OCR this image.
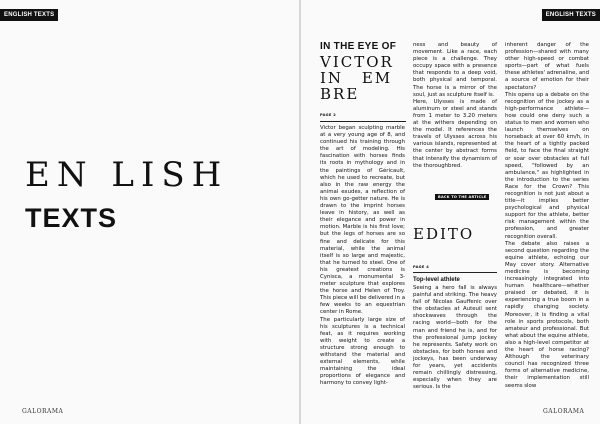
ENGLISH TEXTS
EN LISH
TEXTS
GALORAMA
ENGLISH TEXTS
IN THE EYE OF
VICTOR
IN EM
BRE
PAGE 2

Victor began sculpting marble at a very young age of 8, and continued his training through the art of modeling. His fascination with horses finds its roots in mythology and in the paintings of Géricault, which he used to recreate, but also in the raw energy the animal exudes, a reflection of his own go-getter nature. He is drawn to the imprint horses leave in history, as well as their elegance and power in motion. Marble is his first love; but the legs of horses are so fine and delicate for this material, while the animal itself is so large and majestic, that he turned to steel. One of his greatest creations is Cynisca, a monumental 3-meter sculpture that explores the horse and Helen of Troy. This piece will be delivered in a few weeks to an equestrian center in Rome.

The particularly large size of his sculptures is a technical feat, as it requires working with weight to create a structure strong enough to withstand the material and external elements, while maintaining the ideal proportions of elegance and harmony to convey light-

ness and beauty of movement. Like a race, each piece is a challenge. They occupy space with a presence that responds to a deep void, both physical and temporal. The horse is a mirror of the soul, just as sculpture itself is.

Here, Ulysses is made of aluminum or steel and stands from 1 meter to 3.20 meters at the withers depending on the model. It references the travels of Ulysses across his various islands, represented at the center by abstract forms that intensify the dynamism of the thoroughbred.

BACK TO THE ARTICLE
EDITO
PAGE 4
Top-level athlete

Seeing a hero fall is always painful and striking. The heavy fall of Nicolas Gauffenic over the obstacles at Auteuil sent shockwaves through the racing world—both for the man and friend he is, and for the professional jump jockey he represents. Safety work on obstacles, for both horses and jockeys, has been underway for years, yet accidents remain chillingly distressing, especially when they are serious. Is the

inherent danger of the profession—shared with many other high-speed or combat sports—part of what fuels these athletes' adrenaline, and a source of emotion for their spectators?

This opens up a debate on the recognition of the jockey as a high-performance athlete—how could one deny such a status to men and women who launch themselves on horseback at over 60 km/h, in the heart of a tightly packed field, to face the final straight or soar over obstacles at full speed, "followed by an ambulance," as highlighted in the introduction to the series Race for the Crown? This recognition is not just about a title—it implies better psychological and physical support for the athlete, better risk management within the profession, and greater recognition overall.

The debate also raises a second question regarding the equine athlete, echoing our May cover story. Alternative medicine is becoming increasingly integrated into human healthcare—whether praised or debated, it is experiencing a true boom in a rapidly changing society. Moreover, it is finding a vital role in sports protocols, both amateur and professional. But what about the equine athlete, also a high-level competitor at the heart of horse racing? Although the veterinary council has recognized three forms of alternative medicine, their implementation still seems slow

GALORAMA
